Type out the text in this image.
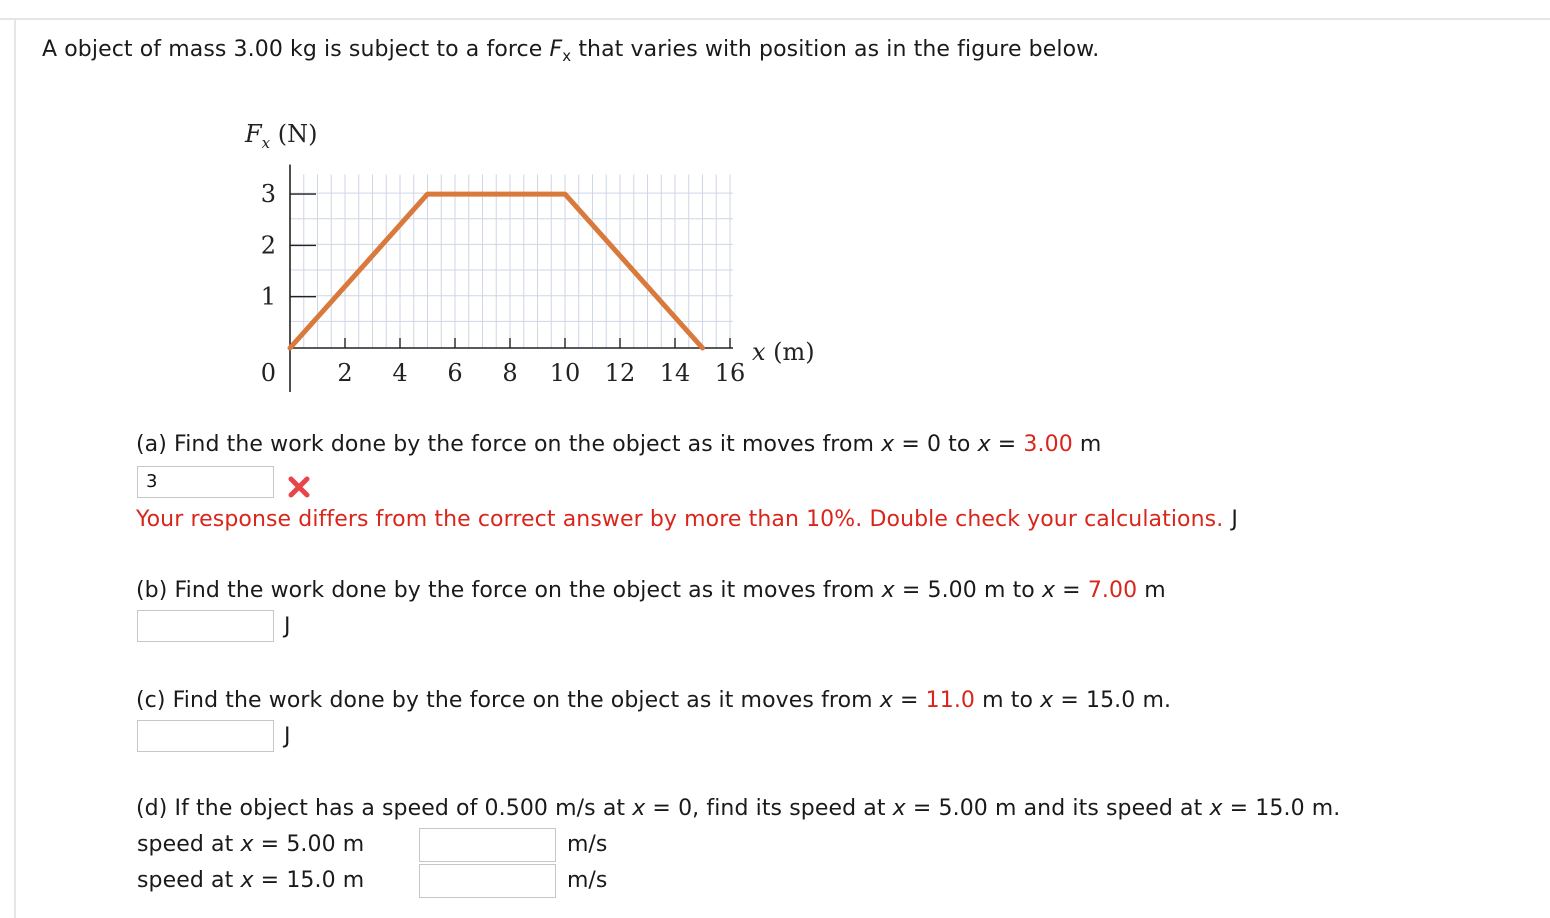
A object of mass 3.00 kg is subject to a force $F_x$ that varies with position as in the figure below.
1
2
3
0	2 4 6 8 10 12 14 16
$F_x$ (N)
x (m)
(a) Find the work done by the force on the object as it moves from x = 0 to x = 3.00 m
3
Your response differs from the correct answer by more than 10%. Double check your calculations. J
(b) Find the work done by the force on the object as it moves from x = 5.00 m to x = 7.00 m
J
(c) Find the work done by the force on the object as it moves from x = 11.0 m to x = 15.0 m.
J
(d) If the object has a speed of 0.500 m/s at x = 0, find its speed at x = 5.00 m and its speed at x = 15.0 m.
speed at x = 5.00 m	m/s
speed at x = 15.0 m	m/s
